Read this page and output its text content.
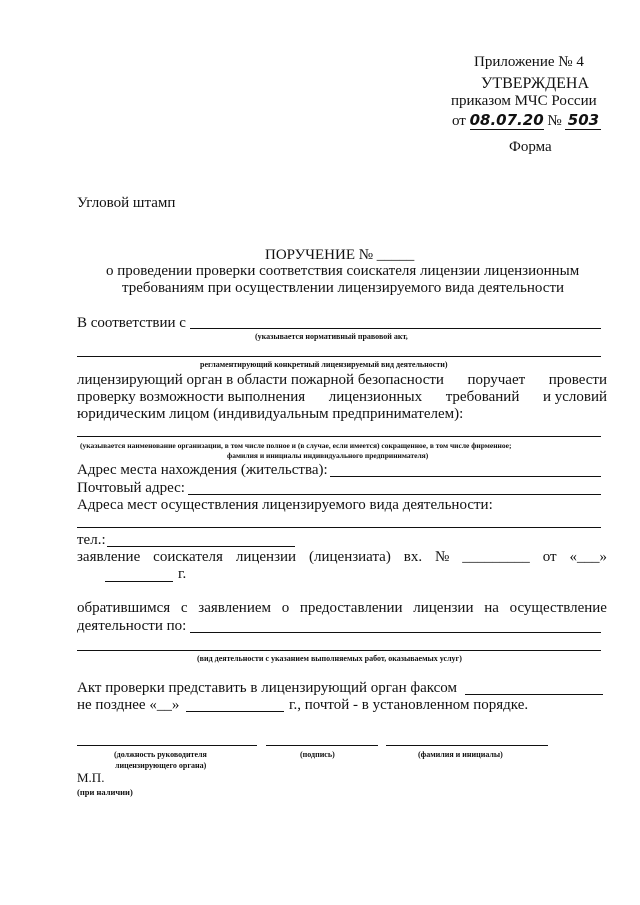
Приложение № 4
УТВЕРЖДЕНА
приказом МЧС России
от 08.07.20 № 503
Форма
Угловой штамп
ПОРУЧЕНИЕ № _____
о проведении проверки соответствия соискателя лицензии лицензионным
требованиям при осуществлении лицензируемого вида деятельности
В соответствии с
(указывается нормативный правовой акт,
регламентирующий конкретный лицензируемый вид деятельности)
лицензирующий орган в области пожарной безопасности поручает провести
проверку возможности выполнения лицензионных требований и условий
юридическим лицом (индивидуальным предпринимателем):
(указывается наименование организации, в том числе полное и (в случае, если имеется) сокращенное, в том числе фирменное;
фамилия и инициалы индивидуального предпринимателя)
Адрес места нахождения (жительства):
Почтовый адрес:
Адреса мест осуществления лицензируемого вида деятельности:
тел.:
заявление соискателя лицензии (лицензиата) вх. № _________ от «___»
г.
обратившимся с заявлением о предоставлении лицензии на осуществление
деятельности по:
(вид деятельности с указанием выполняемых работ, оказываемых услуг)
Акт проверки представить в лицензирующий орган факсом
не позднее «__»	г., почтой - в установленном порядке.
(должность руководителя	(подпись)	(фамилия и инициалы)
лицензирующего органа)
М.П.
(при наличии)
